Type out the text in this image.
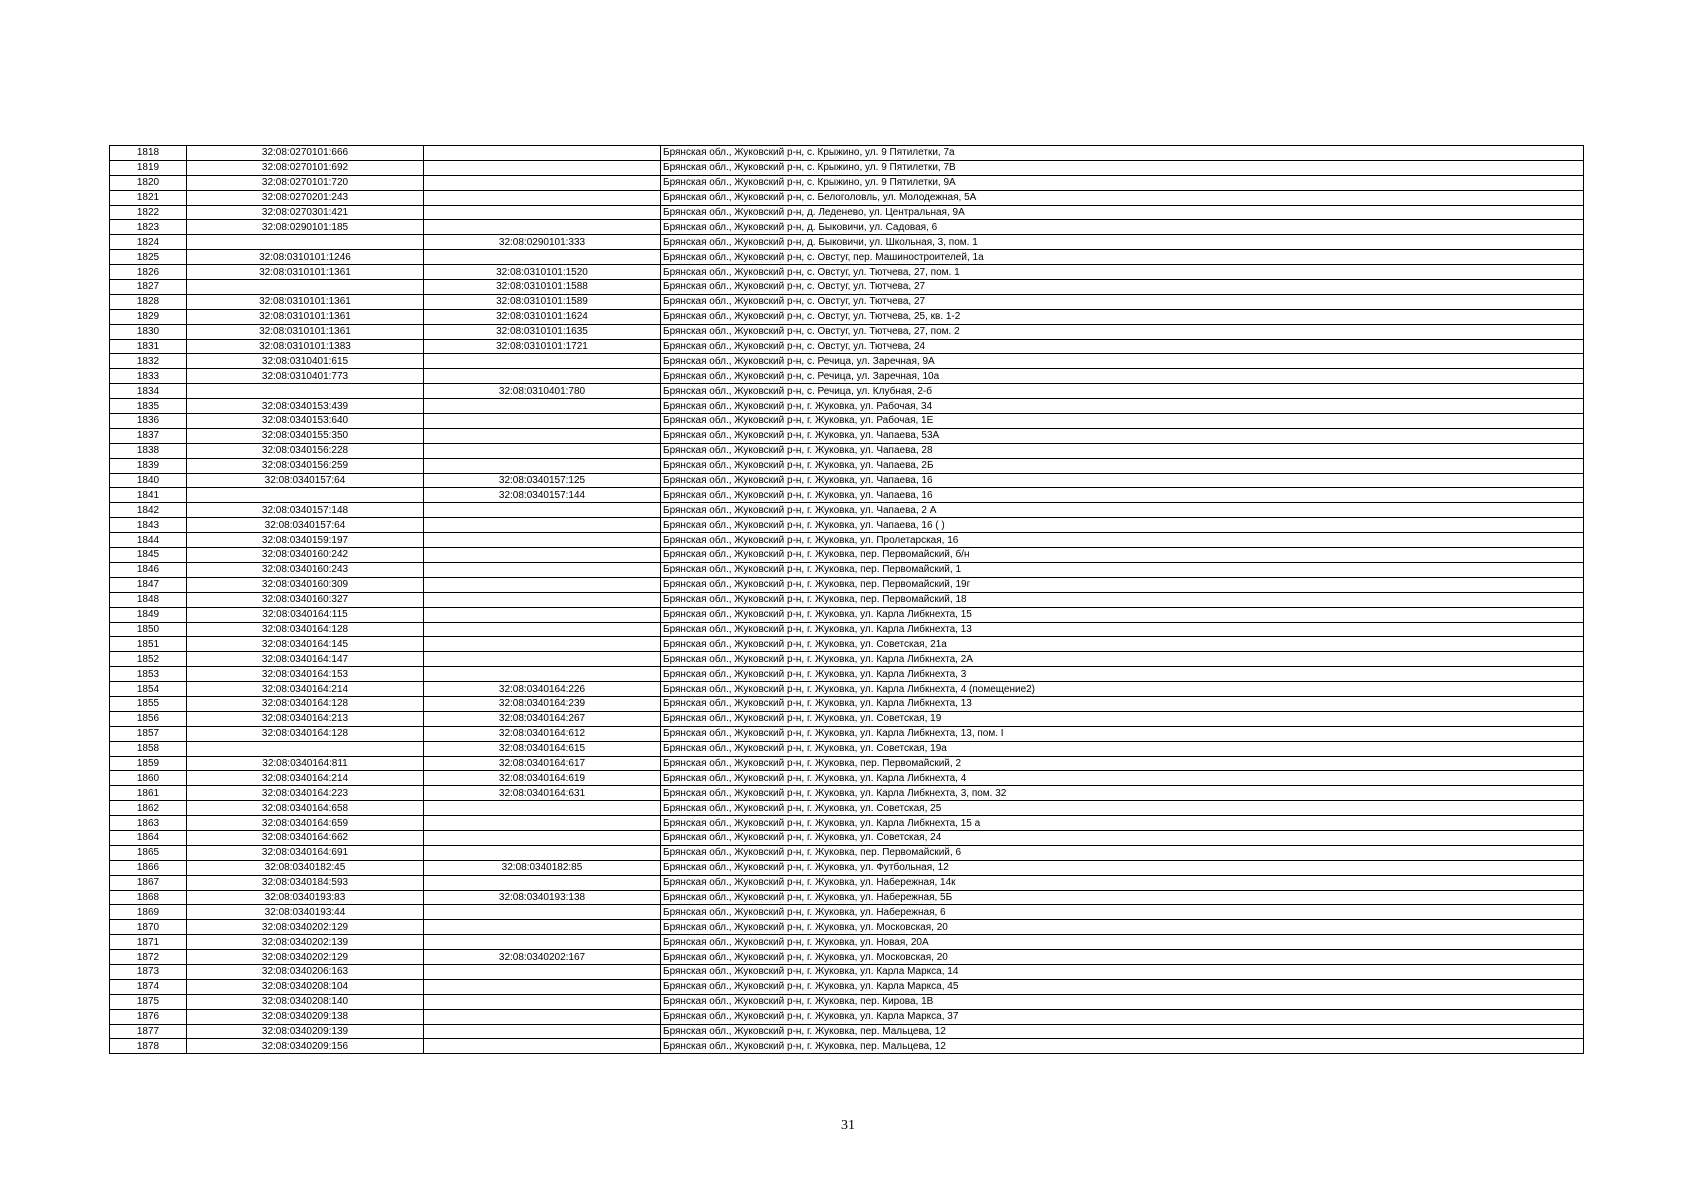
1818	32:08:0270101:666		Брянская обл., Жуковский р-н, с. Крыжино, ул. 9 Пятилетки, 7а
1819	32:08:0270101:692		Брянская обл., Жуковский р-н, с. Крыжино, ул. 9 Пятилетки, 7В
1820	32:08:0270101:720		Брянская обл., Жуковский р-н, с. Крыжино, ул. 9 Пятилетки, 9А
1821	32:08:0270201:243		Брянская обл., Жуковский р-н, с. Белоголовль, ул. Молодежная, 5А
1822	32:08:0270301:421		Брянская обл., Жуковский р-н, д. Леденево, ул. Центральная, 9А
1823	32:08:0290101:185		Брянская обл., Жуковский р-н, д. Быковичи, ул. Садовая, 6
1824		32:08:0290101:333	Брянская обл., Жуковский р-н, д. Быковичи, ул. Школьная, 3, пом. 1
1825	32:08:0310101:1246		Брянская обл., Жуковский р-н, с. Овстуг, пер. Машиностроителей, 1а
1826	32:08:0310101:1361	32:08:0310101:1520	Брянская обл., Жуковский р-н, с. Овстуг, ул. Тютчева, 27, пом. 1
1827		32:08:0310101:1588	Брянская обл., Жуковский р-н, с. Овстуг, ул. Тютчева, 27
1828	32:08:0310101:1361	32:08:0310101:1589	Брянская обл., Жуковский р-н, с. Овстуг, ул. Тютчева, 27
1829	32:08:0310101:1361	32:08:0310101:1624	Брянская обл., Жуковский р-н, с. Овстуг, ул. Тютчева, 25, кв. 1-2
1830	32:08:0310101:1361	32:08:0310101:1635	Брянская обл., Жуковский р-н, с. Овстуг, ул. Тютчева, 27, пом. 2
1831	32:08:0310101:1383	32:08:0310101:1721	Брянская обл., Жуковский р-н, с. Овстуг, ул. Тютчева, 24
1832	32:08:0310401:615		Брянская обл., Жуковский р-н, с. Речица, ул. Заречная, 9А
1833	32:08:0310401:773		Брянская обл., Жуковский р-н, с. Речица, ул. Заречная, 10а
1834		32:08:0310401:780	Брянская обл., Жуковский р-н, с. Речица, ул. Клубная, 2-б
1835	32:08:0340153:439		Брянская обл., Жуковский р-н, г. Жуковка, ул. Рабочая, 34
1836	32:08:0340153:640		Брянская обл., Жуковский р-н, г. Жуковка, ул. Рабочая, 1Е
1837	32:08:0340155:350		Брянская обл., Жуковский р-н, г. Жуковка, ул. Чапаева, 53А
1838	32:08:0340156:228		Брянская обл., Жуковский р-н, г. Жуковка, ул. Чапаева, 28
1839	32:08:0340156:259		Брянская обл., Жуковский р-н, г. Жуковка, ул. Чапаева, 2Б
1840	32:08:0340157:64	32:08:0340157:125	Брянская обл., Жуковский р-н, г. Жуковка, ул. Чапаева, 16
1841		32:08:0340157:144	Брянская обл., Жуковский р-н, г. Жуковка, ул. Чапаева, 16
1842	32:08:0340157:148		Брянская обл., Жуковский р-н, г. Жуковка, ул. Чапаева, 2 А
1843	32:08:0340157:64		Брянская обл., Жуковский р-н, г. Жуковка, ул. Чапаева, 16 ( )
1844	32:08:0340159:197		Брянская обл., Жуковский р-н, г. Жуковка, ул. Пролетарская, 16
1845	32:08:0340160:242		Брянская обл., Жуковский р-н, г. Жуковка, пер. Первомайский, б/н
1846	32:08:0340160:243		Брянская обл., Жуковский р-н, г. Жуковка, пер. Первомайский, 1
1847	32:08:0340160:309		Брянская обл., Жуковский р-н, г. Жуковка, пер. Первомайский, 19г
1848	32:08:0340160:327		Брянская обл., Жуковский р-н, г. Жуковка, пер. Первомайский, 18
1849	32:08:0340164:115		Брянская обл., Жуковский р-н, г. Жуковка, ул. Карла Либкнехта, 15
1850	32:08:0340164:128		Брянская обл., Жуковский р-н, г. Жуковка, ул. Карла Либкнехта, 13
1851	32:08:0340164:145		Брянская обл., Жуковский р-н, г. Жуковка, ул. Советская, 21а
1852	32:08:0340164:147		Брянская обл., Жуковский р-н, г. Жуковка, ул. Карла Либкнехта, 2А
1853	32:08:0340164:153		Брянская обл., Жуковский р-н, г. Жуковка, ул. Карла Либкнехта, 3
1854	32:08:0340164:214	32:08:0340164:226	Брянская обл., Жуковский р-н, г. Жуковка, ул. Карла Либкнехта, 4 (помещение2)
1855	32:08:0340164:128	32:08:0340164:239	Брянская обл., Жуковский р-н, г. Жуковка, ул. Карла Либкнехта, 13
1856	32:08:0340164:213	32:08:0340164:267	Брянская обл., Жуковский р-н, г. Жуковка, ул. Советская, 19
1857	32:08:0340164:128	32:08:0340164:612	Брянская обл., Жуковский р-н, г. Жуковка, ул. Карла Либкнехта, 13, пом. I
1858		32:08:0340164:615	Брянская обл., Жуковский р-н, г. Жуковка, ул. Советская, 19а
1859	32:08:0340164:811	32:08:0340164:617	Брянская обл., Жуковский р-н, г. Жуковка, пер. Первомайский, 2
1860	32:08:0340164:214	32:08:0340164:619	Брянская обл., Жуковский р-н, г. Жуковка, ул. Карла Либкнехта, 4
1861	32:08:0340164:223	32:08:0340164:631	Брянская обл., Жуковский р-н, г. Жуковка, ул. Карла Либкнехта, 3, пом. 32
1862	32:08:0340164:658		Брянская обл., Жуковский р-н, г. Жуковка, ул. Советская, 25
1863	32:08:0340164:659		Брянская обл., Жуковский р-н, г. Жуковка, ул. Карла Либкнехта, 15 а
1864	32:08:0340164:662		Брянская обл., Жуковский р-н, г. Жуковка, ул. Советская, 24
1865	32:08:0340164:691		Брянская обл., Жуковский р-н, г. Жуковка, пер. Первомайский, 6
1866	32:08:0340182:45	32:08:0340182:85	Брянская обл., Жуковский р-н, г. Жуковка, ул. Футбольная, 12
1867	32:08:0340184:593		Брянская обл., Жуковский р-н, г. Жуковка, ул. Набережная, 14к
1868	32:08:0340193:83	32:08:0340193:138	Брянская обл., Жуковский р-н, г. Жуковка, ул. Набережная, 5Б
1869	32:08:0340193:44		Брянская обл., Жуковский р-н, г. Жуковка, ул. Набережная, 6
1870	32:08:0340202:129		Брянская обл., Жуковский р-н, г. Жуковка, ул. Московская, 20
1871	32:08:0340202:139		Брянская обл., Жуковский р-н, г. Жуковка, ул. Новая, 20А
1872	32:08:0340202:129	32:08:0340202:167	Брянская обл., Жуковский р-н, г. Жуковка, ул. Московская, 20
1873	32:08:0340206:163		Брянская обл., Жуковский р-н, г. Жуковка, ул. Карла Маркса, 14
1874	32:08:0340208:104		Брянская обл., Жуковский р-н, г. Жуковка, ул. Карла Маркса, 45
1875	32:08:0340208:140		Брянская обл., Жуковский р-н, г. Жуковка, пер. Кирова, 1В
1876	32:08:0340209:138		Брянская обл., Жуковский р-н, г. Жуковка, ул. Карла Маркса, 37
1877	32:08:0340209:139		Брянская обл., Жуковский р-н, г. Жуковка, пер. Мальцева, 12
1878	32:08:0340209:156		Брянская обл., Жуковский р-н, г. Жуковка, пер. Мальцева, 12
31
